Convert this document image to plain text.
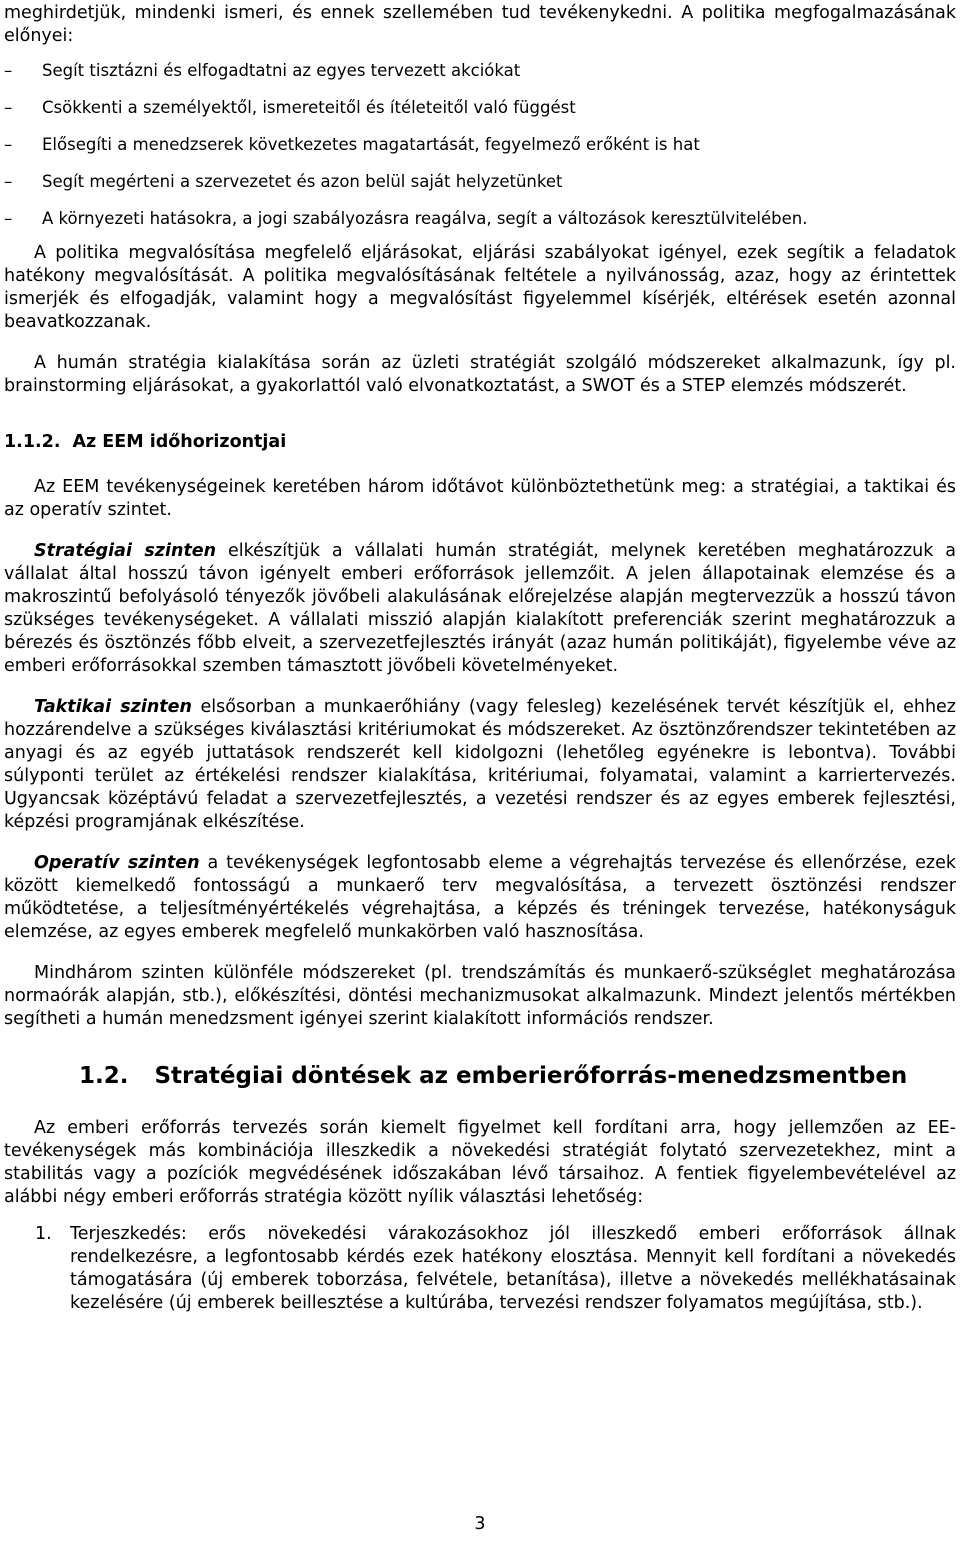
meghirdetjük, mindenki ismeri, és ennek szellemében tud tevékenykedni. A politika megfogalmazásának előnyei:

–	Segít tisztázni és elfogadtatni az egyes tervezett akciókat
–	Csökkenti a személyektől, ismereteitől és ítéleteitől való függést
–	Elősegíti a menedzserek következetes magatartását, fegyelmező erőként is hat
–	Segít megérteni a szervezetet és azon belül saját helyzetünket
–	A környezeti hatásokra, a jogi szabályozásra reagálva, segít a változások keresztülvitelében.

A politika megvalósítása megfelelő eljárásokat, eljárási szabályokat igényel, ezek segítik a feladatok hatékony megvalósítását. A politika megvalósításának feltétele a nyilvánosság, azaz, hogy az érintettek ismerjék és elfogadják, valamint hogy a megvalósítást figyelemmel kísérjék, eltérések esetén azonnal beavatkozzanak.

A humán stratégia kialakítása során az üzleti stratégiát szolgáló módszereket alkalmazunk, így pl. brainstorming eljárásokat, a gyakorlattól való elvonatkoztatást, a SWOT és a STEP elemzés módszerét.

1.1.2. Az EEM időhorizontjai

Az EEM tevékenységeinek keretében három időtávot különböztethetünk meg: a stratégiai, a taktikai és az operatív szintet.

Stratégiai szinten elkészítjük a vállalati humán stratégiát, melynek keretében meghatározzuk a vállalat által hosszú távon igényelt emberi erőforrások jellemzőit. A jelen állapotainak elemzése és a makroszintű befolyásoló tényezők jövőbeli alakulásának előrejelzése alapján megtervezzük a hosszú távon szükséges tevékenységeket. A vállalati misszió alapján kialakított preferenciák szerint meghatározzuk a bérezés és ösztönzés főbb elveit, a szervezetfejlesztés irányát (azaz humán politikáját), figyelembe véve az emberi erőforrásokkal szemben támasztott jövőbeli követelményeket.

Taktikai szinten elsősorban a munkaerőhiány (vagy felesleg) kezelésének tervét készítjük el, ehhez hozzárendelve a szükséges kiválasztási kritériumokat és módszereket. Az ösztönzőrendszer tekintetében az anyagi és az egyéb juttatások rendszerét kell kidolgozni (lehetőleg egyénekre is lebontva). További súlyponti terület az értékelési rendszer kialakítása, kritériumai, folyamatai, valamint a karriertervezés. Ugyancsak középtávú feladat a szervezetfejlesztés, a vezetési rendszer és az egyes emberek fejlesztési, képzési programjának elkészítése.

Operatív szinten a tevékenységek legfontosabb eleme a végrehajtás tervezése és ellenőrzése, ezek között kiemelkedő fontosságú a munkaerő terv megvalósítása, a tervezett ösztönzési rendszer működtetése, a teljesítményértékelés végrehajtása, a képzés és tréningek tervezése, hatékonyságuk elemzése, az egyes emberek megfelelő munkakörben való hasznosítása.

Mindhárom szinten különféle módszereket (pl. trendszámítás és munkaerő-szükséglet meghatározása normaórák alapján, stb.), előkészítési, döntési mechanizmusokat alkalmazunk. Mindezt jelentős mértékben segítheti a humán menedzsment igényei szerint kialakított információs rendszer.

1.2. Stratégiai döntések az emberierőforrás-menedzsmentben

Az emberi erőforrás tervezés során kiemelt figyelmet kell fordítani arra, hogy jellemzően az EE-tevékenységek más kombinációja illeszkedik a növekedési stratégiát folytató szervezetekhez, mint a stabilitás vagy a pozíciók megvédésének időszakában lévő társaihoz. A fentiek figyelembevételével az alábbi négy emberi erőforrás stratégia között nyílik választási lehetőség:

1. Terjeszkedés: erős növekedési várakozásokhoz jól illeszkedő emberi erőforrások állnak rendelkezésre, a legfontosabb kérdés ezek hatékony elosztása. Mennyit kell fordítani a növekedés támogatására (új emberek toborzása, felvétele, betanítása), illetve a növekedés mellékhatásainak kezelésére (új emberek beillesztése a kultúrába, tervezési rendszer folyamatos megújítása, stb.).
3
